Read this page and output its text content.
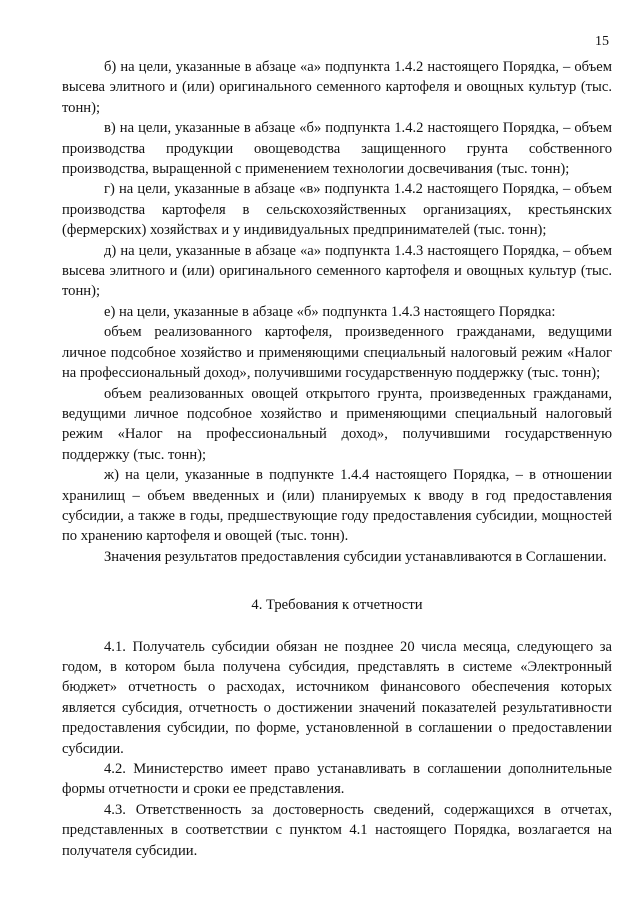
15

б) на цели, указанные в абзаце «а» подпункта 1.4.2 настоящего Порядка, – объем высева элитного и (или) оригинального семенного картофеля и овощных культур (тыс. тонн);

в) на цели, указанные в абзаце «б» подпункта 1.4.2 настоящего Порядка, – объем производства продукции овощеводства защищенного грунта собственного производства, выращенной с применением технологии досвечивания (тыс. тонн);

г) на цели, указанные в абзаце «в» подпункта 1.4.2 настоящего Порядка, – объем производства картофеля в сельскохозяйственных организациях, крестьянских (фермерских) хозяйствах и у индивидуальных предпринимателей (тыс. тонн);

д) на цели, указанные в абзаце «а» подпункта 1.4.3 настоящего Порядка, – объем высева элитного и (или) оригинального семенного картофеля и овощных культур (тыс. тонн);

е) на цели, указанные в абзаце «б» подпункта 1.4.3 настоящего Порядка:

объем реализованного картофеля, произведенного гражданами, ведущими личное подсобное хозяйство и применяющими специальный налоговый режим «Налог на профессиональный доход», получившими государственную поддержку (тыс. тонн);

объем реализованных овощей открытого грунта, произведенных гражданами, ведущими личное подсобное хозяйство и применяющими специальный налоговый режим «Налог на профессиональный доход», получившими государственную поддержку (тыс. тонн);

ж) на цели, указанные в подпункте 1.4.4 настоящего Порядка, – в отношении хранилищ – объем введенных и (или) планируемых к вводу в год предоставления субсидии, а также в годы, предшествующие году предоставления субсидии, мощностей по хранению картофеля и овощей (тыс. тонн).

Значения результатов предоставления субсидии устанавливаются в Соглашении.

4. Требования к отчетности

4.1. Получатель субсидии обязан не позднее 20 числа месяца, следующего за годом, в котором была получена субсидия, представлять в системе «Электронный бюджет» отчетность о расходах, источником финансового обеспечения которых является субсидия, отчетность о достижении значений показателей результативности предоставления субсидии, по форме, установленной в соглашении о предоставлении субсидии.

4.2. Министерство имеет право устанавливать в соглашении дополнительные формы отчетности и сроки ее представления.

4.3. Ответственность за достоверность сведений, содержащихся в отчетах, представленных в соответствии с пунктом 4.1 настоящего Порядка, возлагается на получателя субсидии.
